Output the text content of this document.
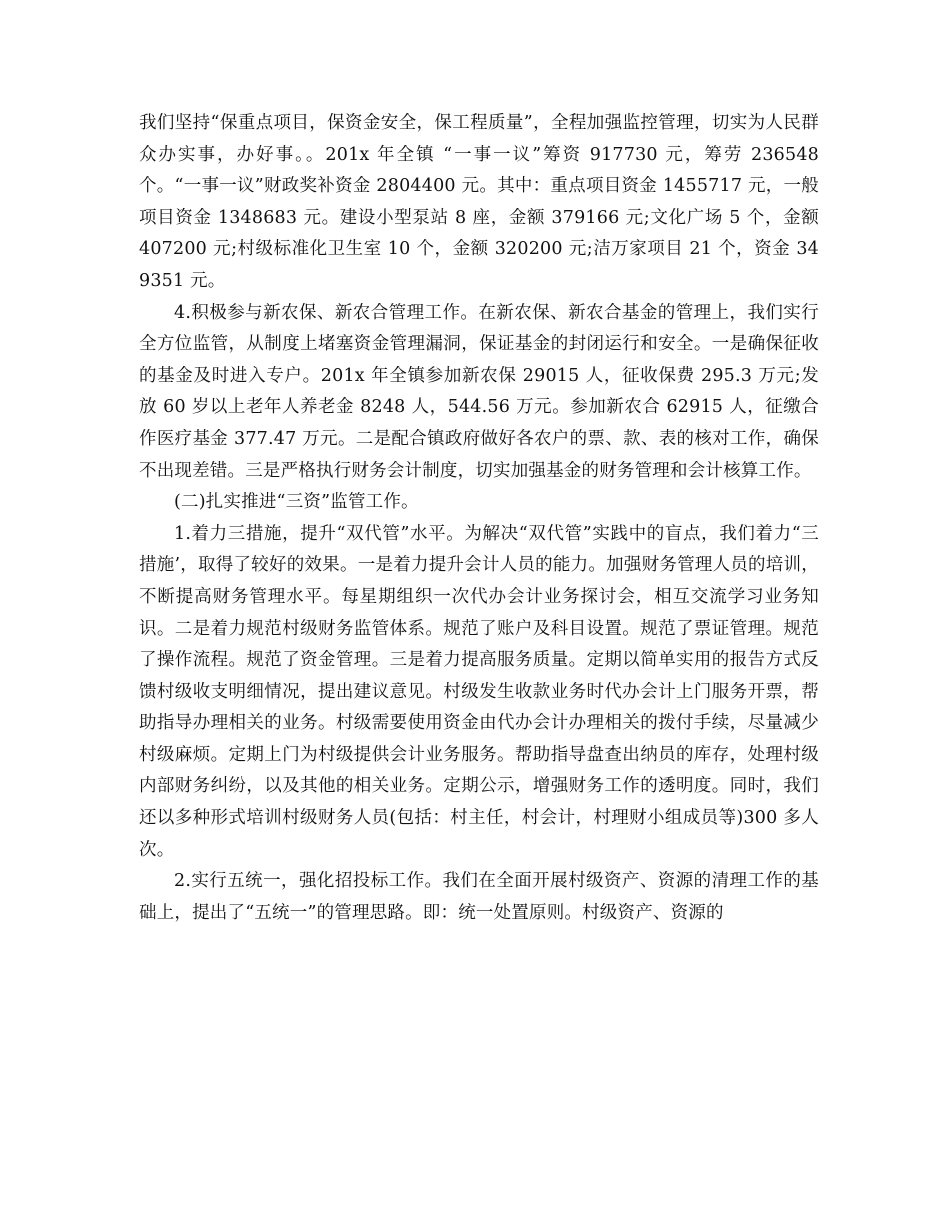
我们坚持“保重点项目，保资金安全，保工程质量”，全程加强监控管理，切实为人民群众办实事，办好事。。201x 年全镇 “一事一议”筹资 917730 元，筹劳 236548 个。“一事一议”财政奖补资金 2804400 元。其中：重点项目资金 1455717 元，一般项目资金 1348683 元。建设小型泵站 8 座，金额 379166 元;文化广场 5 个，金额 407200 元;村级标准化卫生室 10 个，金额 320200 元;洁万家项目 21 个，资金 349351 元。

4.积极参与新农保、新农合管理工作。在新农保、新农合基金的管理上，我们实行全方位监管，从制度上堵塞资金管理漏洞，保证基金的封闭运行和安全。一是确保征收的基金及时进入专户。201x 年全镇参加新农保 29015 人，征收保费 295.3 万元;发放 60 岁以上老年人养老金 8248 人，544.56 万元。参加新农合 62915 人，征缴合作医疗基金 377.47 万元。二是配合镇政府做好各农户的票、款、表的核对工作，确保不出现差错。三是严格执行财务会计制度，切实加强基金的财务管理和会计核算工作。

(二)扎实推进“三资”监管工作。

1.着力三措施，提升“双代管”水平。为解决“双代管”实践中的盲点，我们着力“三措施’，取得了较好的效果。一是着力提升会计人员的能力。加强财务管理人员的培训，不断提高财务管理水平。每星期组织一次代办会计业务探讨会，相互交流学习业务知识。二是着力规范村级财务监管体系。规范了账户及科目设置。规范了票证管理。规范了操作流程。规范了资金管理。三是着力提高服务质量。定期以简单实用的报告方式反馈村级收支明细情况，提出建议意见。村级发生收款业务时代办会计上门服务开票，帮助指导办理相关的业务。村级需要使用资金由代办会计办理相关的拨付手续，尽量减少村级麻烦。定期上门为村级提供会计业务服务。帮助指导盘查出纳员的库存，处理村级内部财务纠纷，以及其他的相关业务。定期公示，增强财务工作的透明度。同时，我们还以多种形式培训村级财务人员(包括：村主任，村会计，村理财小组成员等)300 多人次。

2.实行五统一，强化招投标工作。我们在全面开展村级资产、资源的清理工作的基础上，提出了“五统一”的管理思路。即：统一处置原则。村级资产、资源的
